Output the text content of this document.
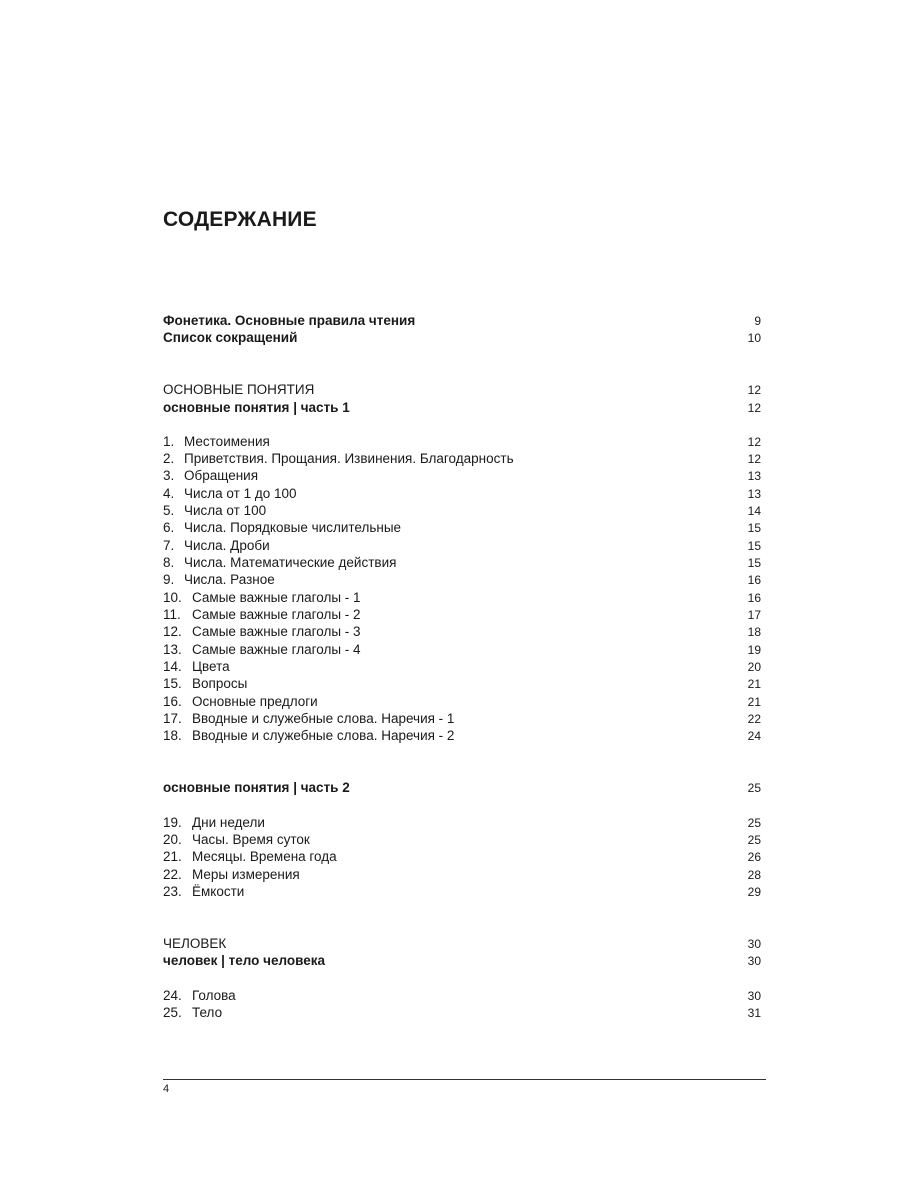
СОДЕРЖАНИЕ
Фонетика. Основные правила чтения	9
Список сокращений	10
ОСНОВНЫЕ ПОНЯТИЯ	12
основные понятия | часть 1	12
1. Местоимения	12
2. Приветствия. Прощания. Извинения. Благодарность	12
3. Обращения	13
4. Числа от 1 до 100	13
5. Числа от 100	14
6. Числа. Порядковые числительные	15
7. Числа. Дроби	15
8. Числа. Математические действия	15
9. Числа. Разное	16
10. Самые важные глаголы - 1	16
11. Самые важные глаголы - 2	17
12. Самые важные глаголы - 3	18
13. Самые важные глаголы - 4	19
14. Цвета	20
15. Вопросы	21
16. Основные предлоги	21
17. Вводные и служебные слова. Наречия - 1	22
18. Вводные и служебные слова. Наречия - 2	24
основные понятия | часть 2	25
19. Дни недели	25
20. Часы. Время суток	25
21. Месяцы. Времена года	26
22. Меры измерения	28
23. Ёмкости	29
ЧЕЛОВЕК	30
человек | тело человека	30
24. Голова	30
25. Тело	31
4
